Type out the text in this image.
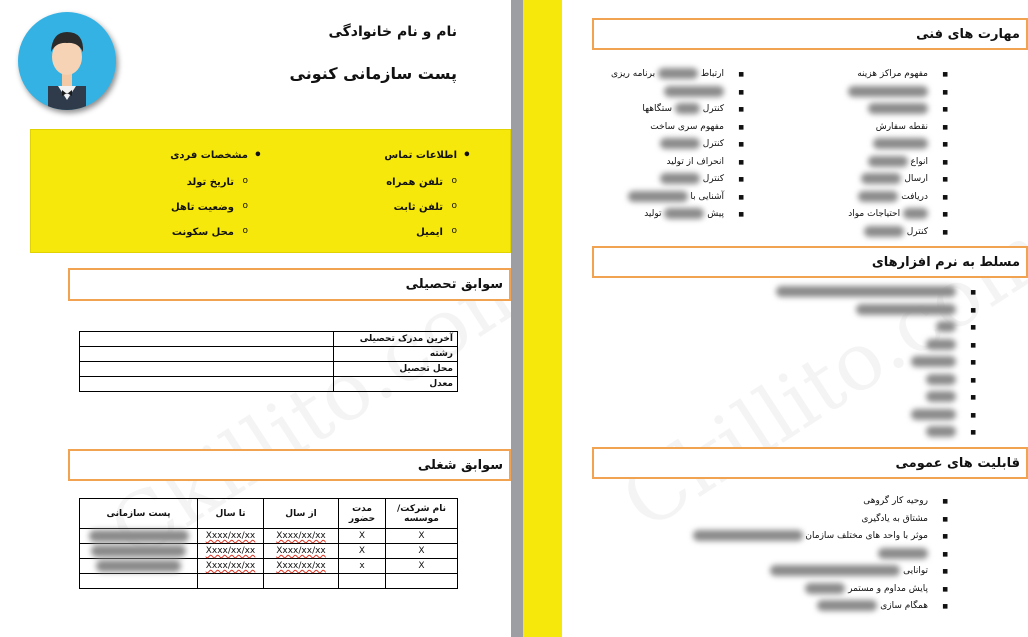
نام و نام خانوادگی
پست سازمانی کنونی
• مشخصات فردی
o تاریخ تولد
o وضعیت تاهل
o محل سکونت
• اطلاعات تماس
o تلفن همراه
o تلفن ثابت
o ایمیل
سوابق تحصیلی
آخرین مدرک تحصیلی	
رشته	
محل تحصیل	
معدل	
سوابق شغلی
نام شرکت/موسسه	مدت حضور	از سال	تا سال	پست سازمانی
X	X	Xxxx/xx/xx	Xxxx/xx/xx	
X	X	Xxxx/xx/xx	Xxxx/xx/xx	
X	x	Xxxx/xx/xx	Xxxx/xx/xx	

مهارت های فنی
■ مفهوم مراکز هزینه
■
■
■ نقطه سفارش
■
■ انواع
■ ارسال
■ دریافت
■ احتیاجات مواد
■ کنترل
■ ارتباط  برنامه ریزی
■
■ کنترل  ستگاهها
■ مفهوم سری ساخت
■ کنترل
■ انحراف از تولید
■ کنترل
■ آشنایی با
■ پیش  تولید
مسلط به نرم افزارهای
■
■
■
■
■
■
■
■
■
قابلیت های عمومی
■ روحیه کار گروهی
■ مشتاق به یادگیری
■ موثر با واحد های مختلف سازمان
■
■ توانایی
■ پایش مداوم و مستمر
■ همگام سازی
